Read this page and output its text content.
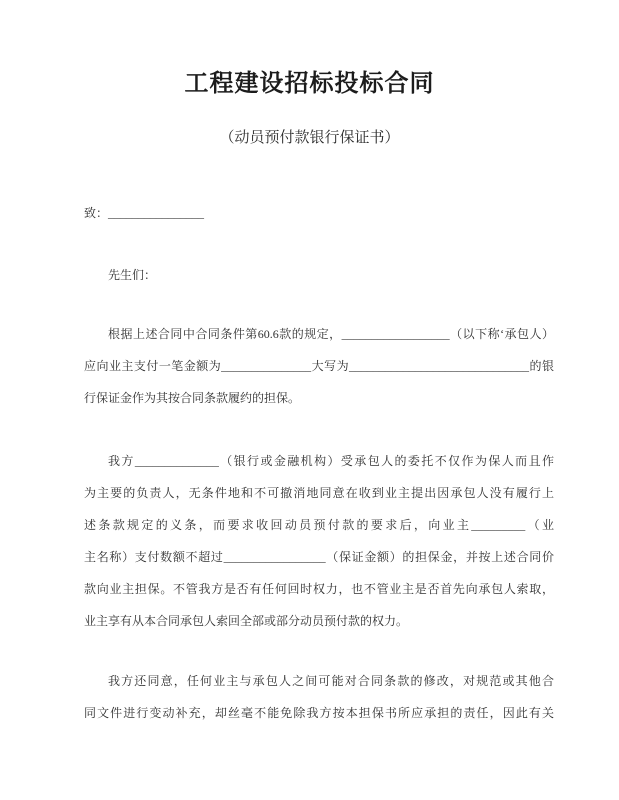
工程建设招标投标合同
（动员预付款银行保证书）
致：________________
先生们：
根据上述合同中合同条件第60.6款的规定，__________________（以下称‘承包人）
应向业主支付一笔金额为_______________大写为______________________________的银
行保证金作为其按合同条款履约的担保。
我方______________（银行或金融机构）受承包人的委托不仅作为保人而且作
为主要的负责人，无条件地和不可撤消地同意在收到业主提出因承包人没有履行上
述条款规定的义条，而要求收回动员预付款的要求后，向业主_________（业
主名称）支付数额不超过_________________（保证金额）的担保金，并按上述合同价
款向业主担保。不管我方是否有任何回时权力，也不管业主是否首先向承包人索取，
业主享有从本合同承包人索回全部或部分动员预付款的权力。
我方还同意，任何业主与承包人之间可能对合同条款的修改，对规范或其他合
同文件进行变动补充，却丝毫不能免除我方按本担保书所应承担的责任，因此有关
